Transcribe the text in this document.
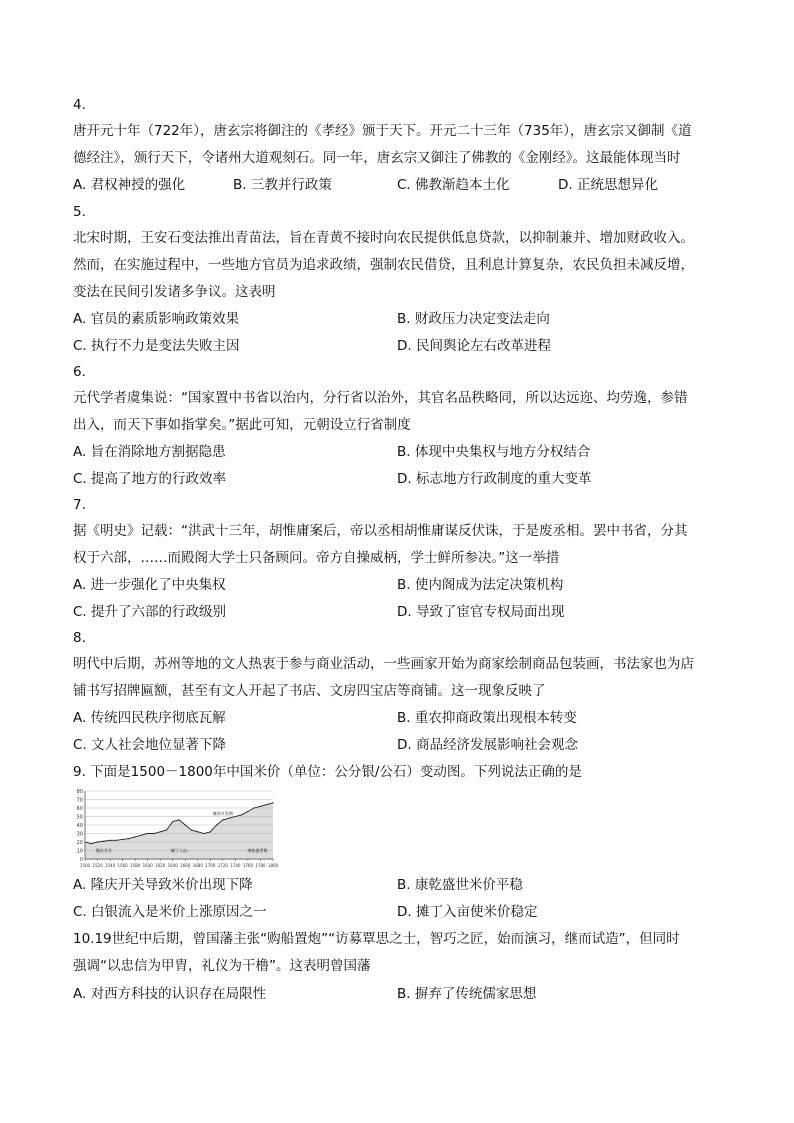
4.
唐开元十年（722年），唐玄宗将御注的《孝经》颁于天下。开元二十三年（735年），唐玄宗又御制《道
德经注》，颁行天下，令诸州大道观刻石。同一年，唐玄宗又御注了佛教的《金刚经》。这最能体现当时
A. 君权神授的强化	B. 三教并行政策	C. 佛教渐趋本土化	D. 正统思想异化
5.
北宋时期，王安石变法推出青苗法，旨在青黄不接时向农民提供低息贷款，以抑制兼并、增加财政收入。
然而，在实施过程中，一些地方官员为追求政绩，强制农民借贷，且利息计算复杂，农民负担未减反增，
变法在民间引发诸多争议。这表明
A. 官员的素质影响政策效果	B. 财政压力决定变法走向
C. 执行不力是变法失败主因	D. 民间舆论左右改革进程
6.
元代学者虞集说：“国家置中书省以治内，分行省以治外，其官名品秩略同，所以达远迩、均劳逸，参错
出入，而天下事如指掌矣。”据此可知，元朝设立行省制度
A. 旨在消除地方割据隐患	B. 体现中央集权与地方分权结合
C. 提高了地方的行政效率	D. 标志地方行政制度的重大变革
7.
据《明史》记载：“洪武十三年，胡惟庸案后，帝以丞相胡惟庸谋反伏诛，于是废丞相。罢中书省，分其
权于六部，……而殿阁大学士只备顾问。帝方自操威柄，学士鲜所参决。”这一举措
A. 进一步强化了中央集权	B. 使内阁成为法定决策机构
C. 提升了六部的行政级别	D. 导致了宦官专权局面出现
8.
明代中后期，苏州等地的文人热衷于参与商业活动，一些画家开始为商家绘制商品包装画，书法家也为店
铺书写招牌匾额，甚至有文人开起了书店、文房四宝店等商铺。这一现象反映了
A. 传统四民秩序彻底瓦解	B. 重农抑商政策出现根本转变
C. 文人社会地位显著下降	D. 商品经济发展影响社会观念
9. 下面是1500－1800年中国米价（单位：公分银/公石）变动图。下列说法正确的是
0
10
20
30
40
50
60
70
80
1500 1520 1540 1560 1580 1600 1620 1640 1660 1680 1700 1720 1740 1760 1780 1800
隆庆开关	摊丁入亩
雍南开发期
康乾盛世期
A. 隆庆开关导致米价出现下降	B. 康乾盛世米价平稳
C. 白银流入是米价上涨原因之一	D. 摊丁入亩使米价稳定
10.19世纪中后期，曾国藩主张“购船置炮”“访募覃思之士，智巧之匠，始而演习，继而试造”，但同时
强调“以忠信为甲胄，礼仪为干橹”。这表明曾国藩
A. 对西方科技的认识存在局限性	B. 摒弃了传统儒家思想
